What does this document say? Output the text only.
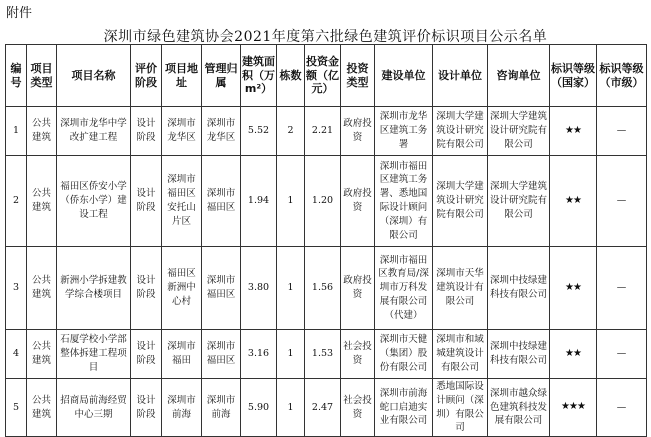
附件
深圳市绿色建筑协会2021年度第六批绿色建筑评价标识项目公示名单
编号	项目类型	项目名称	评价阶段	项目地址	管理归属	建筑面积（万m²）	栋数	投资金额（亿元）	投资类型	建设单位	设计单位	咨询单位	标识等级（国家）	标识等级（市级）
1	公共建筑	深圳市龙华中学改扩建工程	设计阶段	深圳市龙华区	深圳市龙华区	5.52	2	2.21	政府投资	深圳市龙华区建筑工务署	深圳大学建筑设计研究院有限公司	深圳大学建筑设计研究院有限公司	★★	—
2	公共建筑	福田区侨安小学（侨东小学）建设工程	设计阶段	深圳市福田区安托山片区	深圳市福田区	1.94	1	1.20	政府投资	深圳市福田区建筑工务署、悉地国际设计顾问（深圳）有限公司	深圳大学建筑设计研究院有限公司	深圳大学建筑设计研究院有限公司	★★	—
3	公共建筑	新洲小学拆建教学综合楼项目	设计阶段	福田区新洲中心村	深圳市福田区	3.80	1	1.56	政府投资	深圳市福田区教育局/深圳市万科发展有限公司（代建）	深圳市天华建筑设计有限公司	深圳中技绿建科技有限公司	★★	—
4	公共建筑	石厦学校小学部整体拆建工程项目	设计阶段	深圳市福田	深圳市福田区	3.16	1	1.53	社会投资	深圳市天健（集团）股份有限公司	深圳市和域城建筑设计有限公司	深圳中技绿建科技有限公司	★★	—
5	公共建筑	招商局前海经贸中心三期	设计阶段	深圳市前海	深圳市前海	5.90	1	2.47	社会投资	深圳市前海蛇口启迪实业有限公司	悉地国际设计顾问（深圳）有限公司	深圳市越众绿色建筑科技发展有限公司	★★★	—
